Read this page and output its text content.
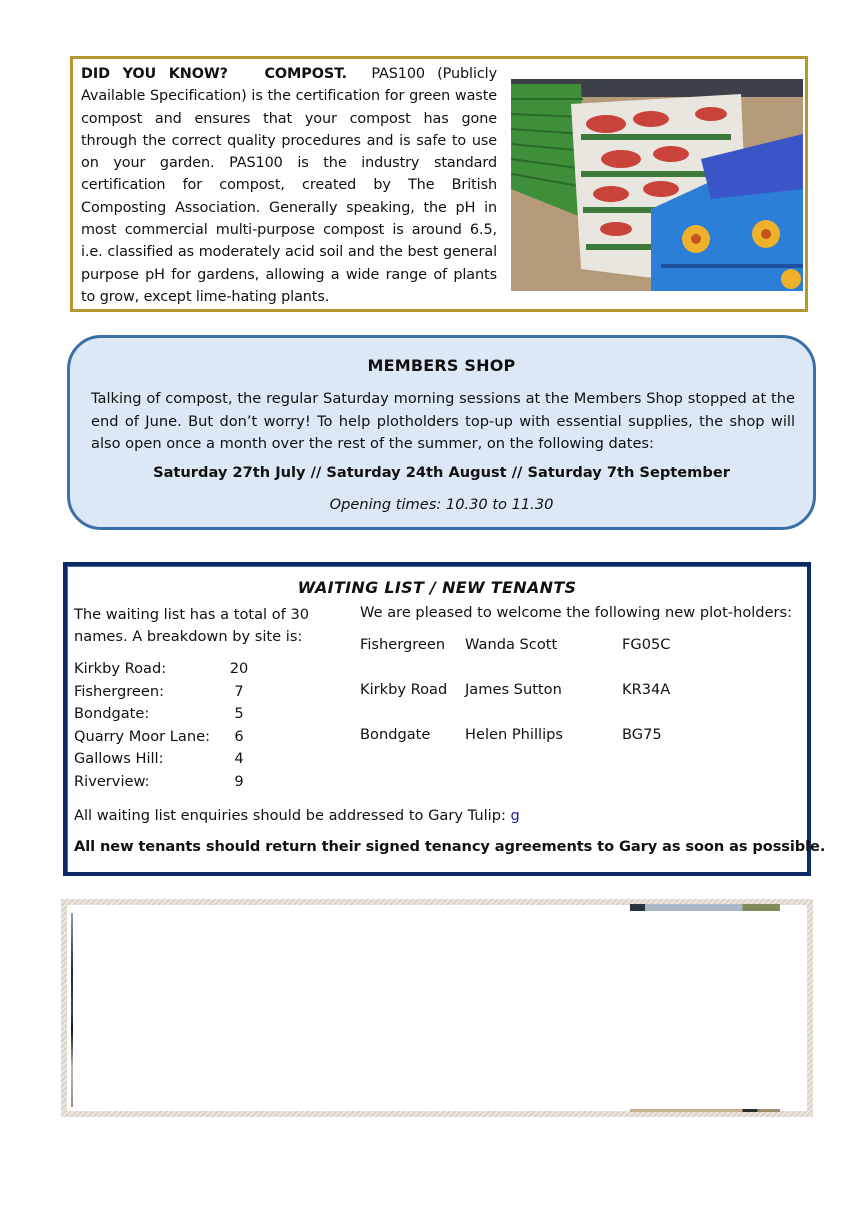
DID YOU KNOW?	COMPOST. PAS100 (Publicly Available Specification) is the certification for green waste compost and ensures that your compost has gone through the correct quality procedures and is safe to use on your garden. PAS100 is the industry standard certification for compost, created by The British Composting Association. Generally speaking, the pH in most commercial multi-purpose compost is around 6.5, i.e. classified as moderately acid soil and the best general purpose pH for gardens, allowing a wide range of plants to grow, except lime-hating plants.
MEMBERS SHOP
Talking of compost, the regular Saturday morning sessions at the Members Shop stopped at the end of June. But don’t worry! To help plotholders top-up with essential supplies, the shop will also open once a month over the rest of the summer, on the following dates:
Saturday 27th July // Saturday 24th August // Saturday 7th September
Opening times: 10.30 to 11.30
WAITING LIST / NEW TENANTS
The waiting list has a total of 30 names. A breakdown by site is:
Kirkby Road:	20
Fishergreen:	7
Bondgate:	5
Quarry Moor Lane:	6
Gallows Hill:	4
Riverview:	9
We are pleased to welcome the following new plot-holders:
Fishergreen	Wanda Scott	FG05C
Kirkby Road	James Sutton	KR34A
Bondgate	Helen Phillips	BG75
All waiting list enquiries should be addressed to Gary Tulip: g
All new tenants should return their signed tenancy agreements to Gary as soon as possible.
